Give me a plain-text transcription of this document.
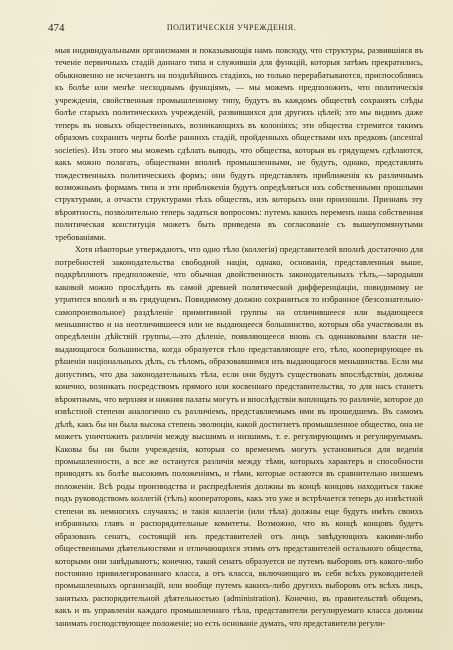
474	ПОЛИТИЧЕСКІЯ УЧРЕЖДЕНІЯ.

мыя индивидуальными организмами и показывающія намъ повсюду, что структуры, развившіяся въ теченіе первичныхъ стадій даннаго типа и служившія для функцій, которыя затѣмъ прекратились, обыкновенно не исчезаютъ на позднѣйшихъ стадіяхъ, но только перерабатываются, приспособляясь къ болѣе или менѣе несходнымъ функціямъ, — мы можемъ предположить, что политическія учрежденія, свойственныя промышленному типу, будутъ въ каждомъ обществѣ сохранять слѣды болѣе старыхъ политическихъ учрежденій, развившихся для другихъ цѣлей; это мы видимъ даже теперь въ новыхъ общественныхъ, возникающихъ въ колоніяхъ; эти общества стремятся такимъ образомъ сохранить черты болѣе раннихъ стадій, пройденныхъ обществами ихъ предковъ (ancestral societies). Изъ этого мы можемъ сдѣлать выводъ, что общества, которыя въ грядущемъ сдѣлаются, какъ можно полагать, обществами вполнѣ промышленными, не будутъ, однако, представлять тождественныхъ политическихъ формъ; они будутъ представлять приближенія къ различнымъ возможнымъ формамъ типа и эти приближенія будутъ опредѣляться ихъ собственными прошлыми структурами, а отчасти структурами тѣхъ обществъ, изъ которыхъ они произошли. Признавъ эту вѣроятность, позволительно теперь задаться вопросомъ: путемъ какихъ переменъ наша собственная политическая конституція можетъ быть приведена въ согласованіе съ вышеупомянутыми требованіями.

Хотя нѣкоторые утверждаютъ, что одно тѣло (коллегія) представителей вполнѣ достаточно для потребностей законодательства свободной націи, однако, основанія, представленныя выше, подкрѣпляютъ предположеніе, что обычная двойственность законодательныхъ тѣлъ,—зародыши каковой можно прослѣдить въ самой древней политической дифференціаціи, повидимому не утратится вполнѣ и въ грядущемъ. Повидимому должно сохраниться то избранное (безсознательно-самопроизвольное) раздѣленіе примитивной группы на отличившееся или выдающееся меньшинство и на неотличившееся или не выдающееся большинство, которыя оба участвовали въ опредѣленіи дѣйствій группы,—это дѣленіе, появляющееся вновь съ одинаковыми власти не-выдающагося большинства, когда образуется тѣло представляющее его, тѣло, кооперирующее въ рѣшеніи національныхъ дѣлъ, съ тѣломъ, образовавшимся изъ выдающагося меньшинства. Если мы допустимъ, что два законодательныхъ тѣла, если они будутъ существовать впослѣдствіи, должны конечно, возникать посредствомъ прямого или косвеннаго представительства, то для насъ станетъ вѣроятнымъ, что верхняя и нижняя палаты могутъ и впослѣдствіи воплощать то различіе, которое до извѣстной степени аналогично съ различіемъ, представляемымъ ими въ прошедшемъ. Въ самомъ дѣлѣ, какъ бы ни была высока степень эволюціи, какой достигнетъ промышленное общество, она не можетъ уничтожить различія между высшимъ и низшимъ, т. е. регулирующимъ и регулируемымъ. Каковы бы ни были учрежденія, которыя со временемъ могутъ установиться для веденія промышленности, а все же останутся различія между тѣми, которыхъ характеръ и способности приводятъ къ болѣе высокимъ положеніямъ, и тѣми, которые остаются въ сравнительно низшемъ положеніи. Всѣ роды производства и распредѣленія должны въ концѣ концовъ находиться также подъ руководствомъ коллегій (тѣлъ) кооператоровъ, какъ это уже и встрѣчается теперь до извѣстной степени въ немногихъ случаяхъ; и такія коллегіи (или тѣла) должны еще будутъ имѣть своихъ избранныхъ главъ и распорядительные комитеты. Возможно, что въ концѣ концовъ будетъ образованъ сенатъ, состоящій изъ представителей отъ лицъ завѣдующихъ какими-либо общественными дѣятельностями и отличающихся этимъ отъ представителей остального общества, которыми они завѣдываютъ; конечно, такой сенатъ образуется не путемъ выборовъ отъ какого-либо постоянно привилегированнаго класса, а отъ класса, включающаго въ себя всѣхъ руководителей промышленныхъ организацій, или вообще путемъ какихъ-либо другихъ выборовъ отъ всѣхъ лицъ, занятыхъ распорядительной дѣятельностью (administration). Конечно, въ правительствѣ общемъ, какъ и въ управленіи каждаго промышленнаго тѣла, представители регулируемаго класса должны занимать господствующее положеніе; но есть основаніе думать, что представители регули-
